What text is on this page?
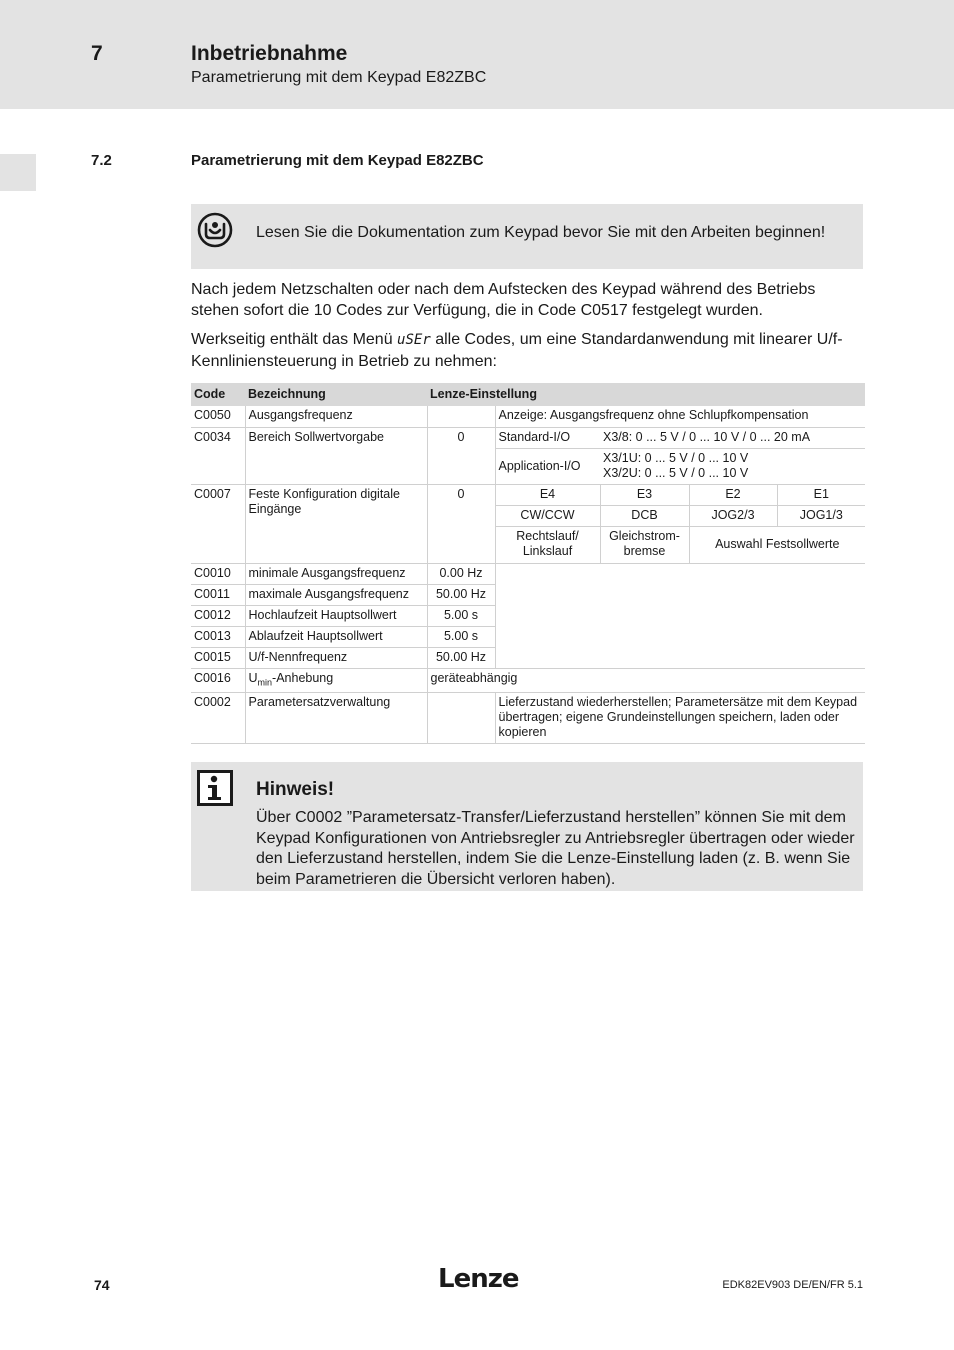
7	Inbetriebnahme
Parametrierung mit dem Keypad E82ZBC
7.2	Parametrierung mit dem Keypad E82ZBC
Lesen Sie die Dokumentation zum Keypad bevor Sie mit den Arbeiten beginnen!
Nach jedem Netzschalten oder nach dem Aufstecken des Keypad während des Betriebs stehen sofort die 10 Codes zur Verfügung, die in Code C0517 festgelegt wurden.
Werkseitig enthält das Menü uSEr alle Codes, um eine Standardanwendung mit linearer U/f-Kennliniensteuerung in Betrieb zu nehmen:
Code	Bezeichnung	Lenze-Einstellung				
C0050	Ausgangsfrequenz		Anzeige: Ausgangsfrequenz ohne Schlupfkompensation			
C0034	Bereich Sollwertvorgabe	0	Standard-I/O	X3/8: 0 ... 5 V / 0 ... 10 V / 0 ... 20 mA		
			Application-I/O	X3/1U: 0 ... 5 V / 0 ... 10 V
X3/2U: 0 ... 5 V / 0 ... 10 V		

C0007	Feste Konfiguration digitale Eingänge	0	E4	E3	E2	E1
			CW/CCW	DCB	JOG2/3	JOG1/3
			Rechtslauf/ Linkslauf	Gleichstrom-bremse	Auswahl Festsollwerte	
C0010	minimale Ausgangsfrequenz	0.00 Hz				
C0011	maximale Ausgangsfrequenz	50.00 Hz				
C0012	Hochlaufzeit Hauptsollwert	5.00 s				
C0013	Ablaufzeit Hauptsollwert	5.00 s				
C0015	U/f-Nennfrequenz	50.00 Hz				
C0016	$U_{min}$-Anhebung	geräteabhängig				
C0002	Parametersatzverwaltung		Lieferzustand wiederherstellen; Parametersätze mit dem Keypad übertragen; eigene Grundeinstellungen speichern, laden oder kopieren			
Hinweis!
Über C0002 ”Parametersatz-Transfer/Lieferzustand herstellen” können Sie mit dem Keypad Konfigurationen von Antriebsregler zu Antriebsregler übertragen oder wieder den Lieferzustand herstellen, indem Sie die Lenze-Einstellung laden (z. B. wenn Sie beim Parametrieren die Übersicht verloren haben).
74	Lenze	EDK82EV903 DE/EN/FR 5.1
